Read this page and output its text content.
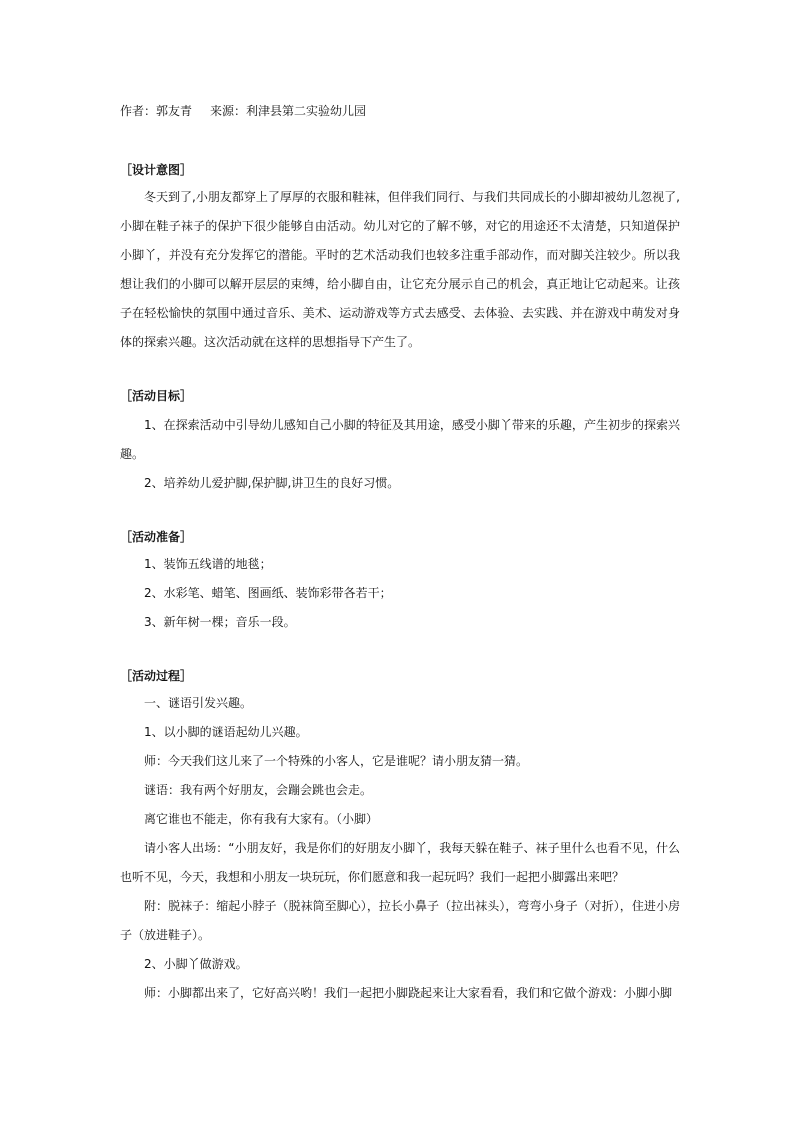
作者：郭友青 来源：利津县第二实验幼儿园
［设计意图］

冬天到了,小朋友都穿上了厚厚的衣服和鞋袜，但伴我们同行、与我们共同成长的小脚却被幼儿忽视了,小脚在鞋子袜子的保护下很少能够自由活动。幼儿对它的了解不够，对它的用途还不太清楚，只知道保护小脚丫，并没有充分发挥它的潜能。平时的艺术活动我们也较多注重手部动作，而对脚关注较少。所以我想让我们的小脚可以解开层层的束缚，给小脚自由，让它充分展示自己的机会，真正地让它动起来。让孩子在轻松愉快的氛围中通过音乐、美术、运动游戏等方式去感受、去体验、去实践、并在游戏中萌发对身体的探索兴趣。这次活动就在这样的思想指导下产生了。

［活动目标］

1、在探索活动中引导幼儿感知自己小脚的特征及其用途，感受小脚丫带来的乐趣，产生初步的探索兴趣。

2、培养幼儿爱护脚,保护脚,讲卫生的良好习惯。

［活动准备］

1、装饰五线谱的地毯；

2、水彩笔、蜡笔、图画纸、装饰彩带各若干；

3、新年树一棵；音乐一段。

［活动过程］

一、谜语引发兴趣。

1、以小脚的谜语起幼儿兴趣。

师：今天我们这儿来了一个特殊的小客人，它是谁呢？请小朋友猜一猜。

谜语：我有两个好朋友，会蹦会跳也会走。

离它谁也不能走，你有我有大家有。（小脚）

请小客人出场：“小朋友好，我是你们的好朋友小脚丫，我每天躲在鞋子、袜子里什么也看不见，什么也听不见，今天，我想和小朋友一块玩玩，你们愿意和我一起玩吗？我们一起把小脚露出来吧？

附：脱袜子：缩起小脖子（脱袜筒至脚心），拉长小鼻子（拉出袜头），弯弯小身子（对折），住进小房子（放进鞋子）。

2、小脚丫做游戏。

师：小脚都出来了，它好高兴哟！我们一起把小脚跷起来让大家看看，我们和它做个游戏：小脚小脚
